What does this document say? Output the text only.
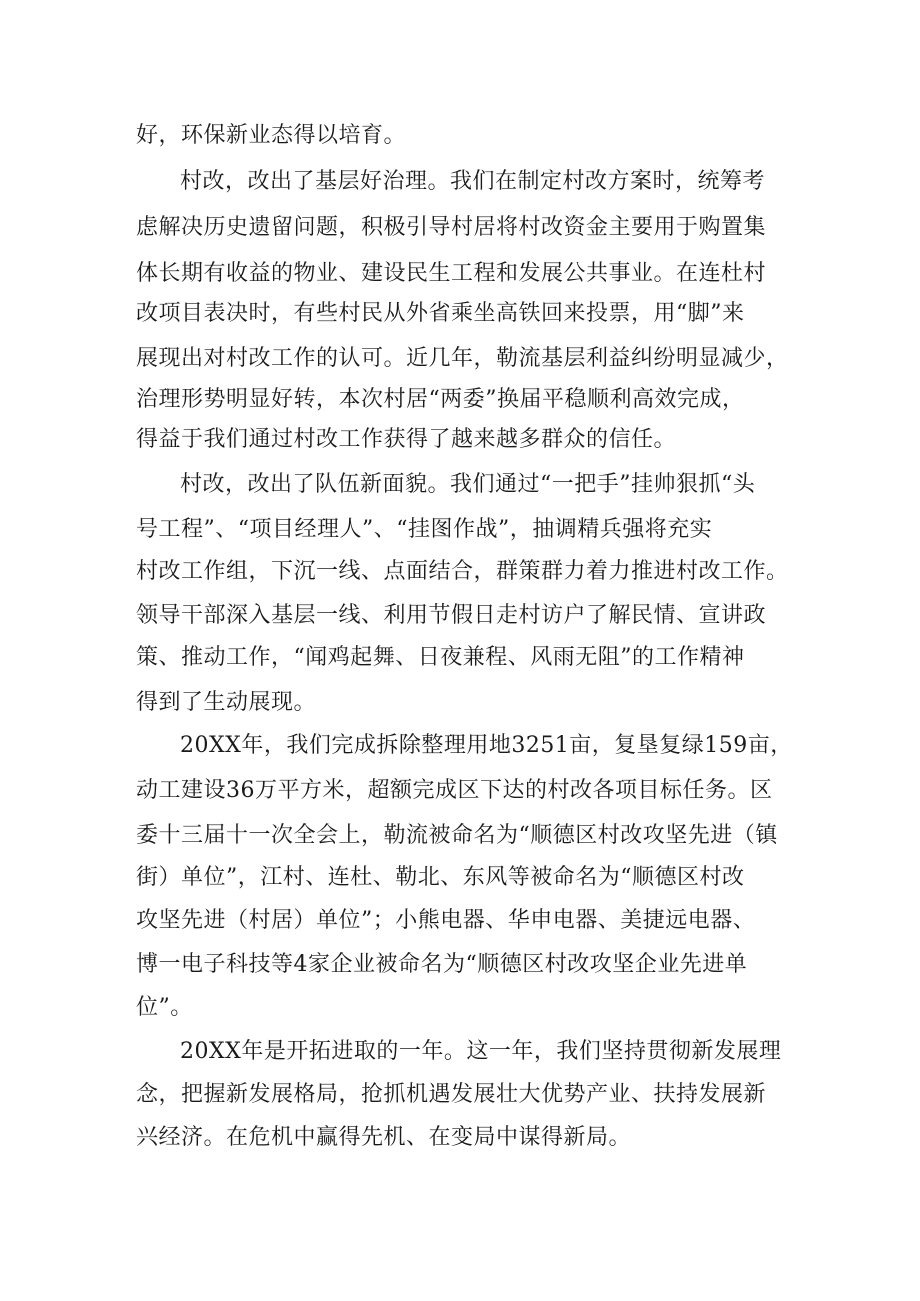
好，环保新业态得以培育。
村改，改出了基层好治理。我们在制定村改方案时，统筹考
虑解决历史遗留问题，积极引导村居将村改资金主要用于购置集
体长期有收益的物业、建设民生工程和发展公共事业。在连杜村
改项目表决时，有些村民从外省乘坐高铁回来投票，用“脚”来
展现出对村改工作的认可。近几年，勒流基层利益纠纷明显减少，
治理形势明显好转，本次村居“两委”换届平稳顺利高效完成，
得益于我们通过村改工作获得了越来越多群众的信任。
村改，改出了队伍新面貌。我们通过“一把手”挂帅狠抓“头
号工程”、“项目经理人”、“挂图作战”，抽调精兵强将充实
村改工作组，下沉一线、点面结合，群策群力着力推进村改工作。
领导干部深入基层一线、利用节假日走村访户了解民情、宣讲政
策、推动工作，“闻鸡起舞、日夜兼程、风雨无阻”的工作精神
得到了生动展现。
20XX年，我们完成拆除整理用地3251亩，复垦复绿159亩，
动工建设36万平方米，超额完成区下达的村改各项目标任务。区
委十三届十一次全会上，勒流被命名为“顺德区村改攻坚先进（镇
街）单位”，江村、连杜、勒北、东风等被命名为“顺德区村改
攻坚先进（村居）单位”；小熊电器、华申电器、美捷远电器、
博一电子科技等4家企业被命名为“顺德区村改攻坚企业先进单
位”。
20XX年是开拓进取的一年。这一年，我们坚持贯彻新发展理
念，把握新发展格局，抢抓机遇发展壮大优势产业、扶持发展新
兴经济。在危机中赢得先机、在变局中谋得新局。
